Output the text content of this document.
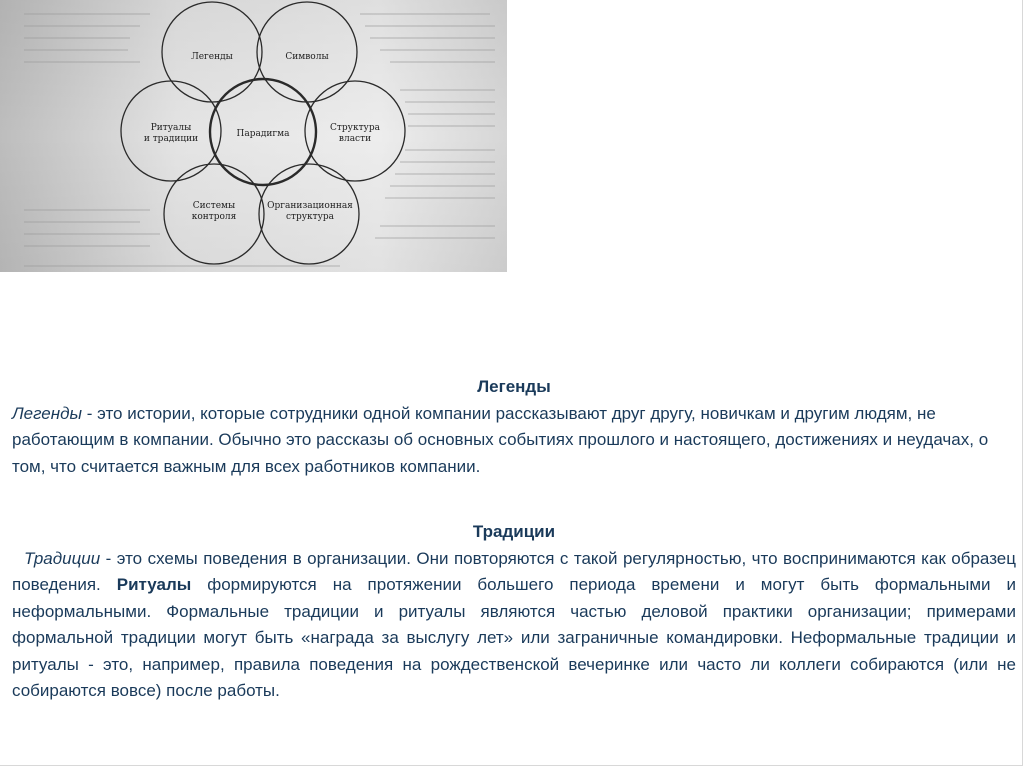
Легенды	Символы
Ритуалы и традиции	Парадигма
Структура власти
Системы контроля
Организационная структура

Легенды

Легенды - это истории, которые сотрудники одной компании рассказывают друг другу, новичкам и другим людям, не работающим в компании. Обычно это рассказы об основных событиях прошлого и настоящего, достижениях и неудачах, о том, что считается важным для всех работников компании.

Традиции

Традиции - это схемы поведения в организации. Они повторяются с такой регулярностью, что воспринимаются как образец поведения. Ритуалы формируются на протяжении большего периода времени и могут быть формальными и неформальными. Формальные традиции и ритуалы являются частью деловой практики организации; примерами формальной традиции могут быть «награда за выслугу лет» или заграничные командировки. Неформальные традиции и ритуалы - это, например, правила поведения на рождественской вечеринке или часто ли коллеги собираются (или не собираются вовсе) после работы.
